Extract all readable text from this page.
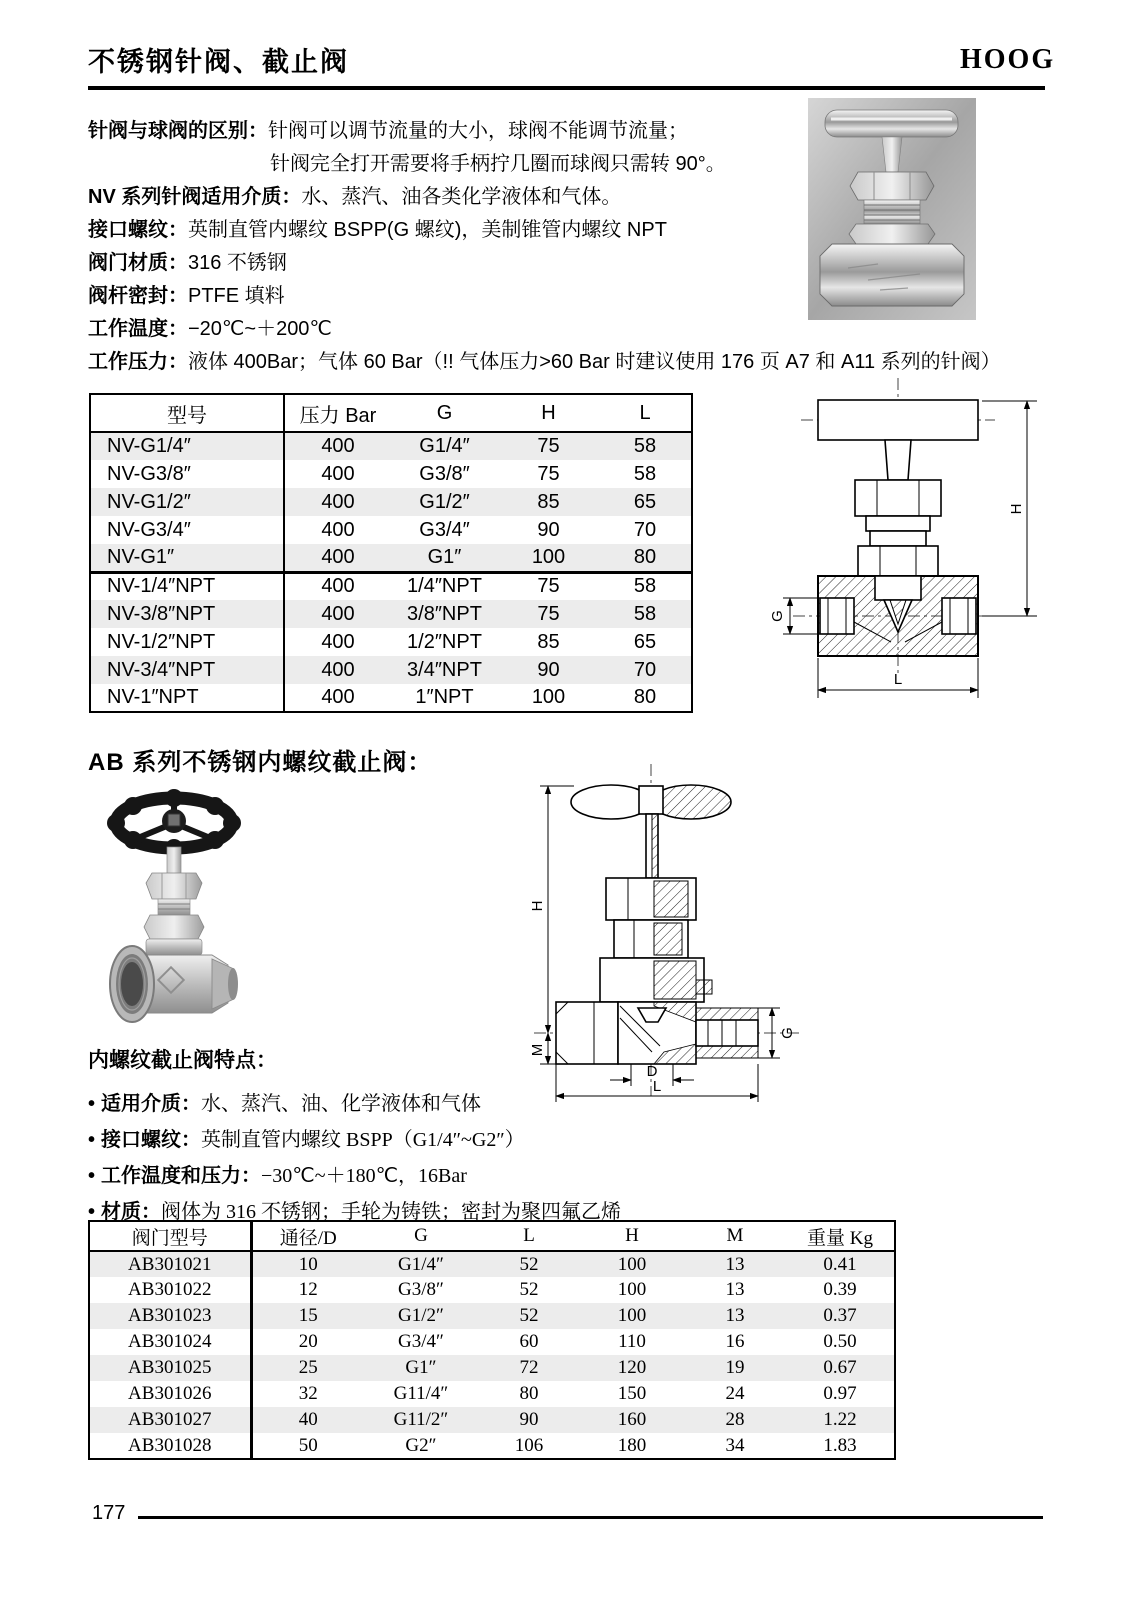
不锈钢针阀、截止阀	HOOG
针阀与球阀的区别：针阀可以调节流量的大小，球阀不能调节流量；
针阀完全打开需要将手柄拧几圈而球阀只需转 90°。
NV 系列针阀适用介质：水、蒸汽、油各类化学液体和气体。
接口螺纹：英制直管内螺纹 BSPP(G 螺纹)，美制锥管内螺纹 NPT
阀门材质：316 不锈钢
阀杆密封：PTFE 填料
工作温度：−20℃~＋200℃
工作压力：液体 400Bar；气体 60 Bar（!! 气体压力>60 Bar 时建议使用 176 页 A7 和 A11 系列的针阀）
型号	压力 Bar	G	H	L
NV-G1/4″	400	G1/4″	75	58
NV-G3/8″	400	G3/8″	75	58
NV-G1/2″	400	G1/2″	85	65
NV-G3/4″	400	G3/4″	90	70
NV-G1″	400	G1″	100	80
NV-1/4″NPT	400	1/4″NPT	75	58
NV-3/8″NPT	400	3/8″NPT	75	58
NV-1/2″NPT	400	1/2″NPT	85	65
NV-3/4″NPT	400	3/4″NPT	90	70
NV-1″NPT	400	1″NPT	100	80
H
G
L
AB 系列不锈钢内螺纹截止阀：
H
M
G
D
L
内螺纹截止阀特点：
• 适用介质：水、蒸汽、油、化学液体和气体
• 接口螺纹：英制直管内螺纹 BSPP（G1/4″~G2″）
• 工作温度和压力：−30℃~＋180℃，16Bar
• 材质：阀体为 316 不锈钢；手轮为铸铁；密封为聚四氟乙烯
阀门型号	通径/D	G	L	H	M	重量 Kg
AB301021	10	G1/4″	52	100	13	0.41
AB301022	12	G3/8″	52	100	13	0.39
AB301023	15	G1/2″	52	100	13	0.37
AB301024	20	G3/4″	60	110	16	0.50
AB301025	25	G1″	72	120	19	0.67
AB301026	32	G11/4″	80	150	24	0.97
AB301027	40	G11/2″	90	160	28	1.22
AB301028	50	G2″	106	180	34	1.83
177
